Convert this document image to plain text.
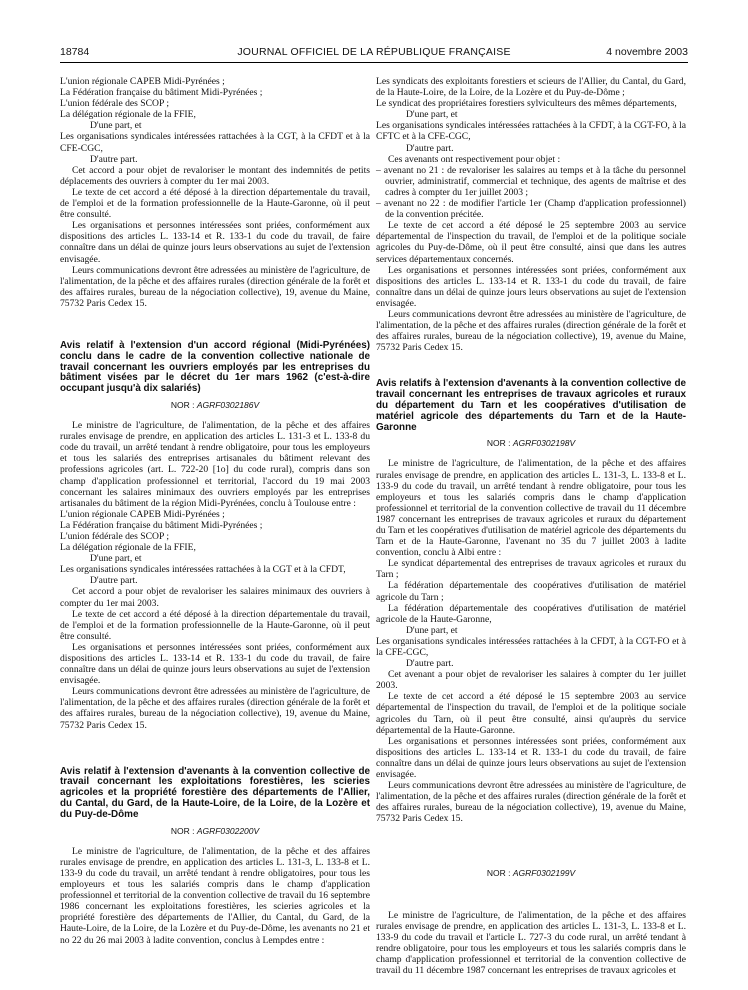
18784	JOURNAL OFFICIEL DE LA RÉPUBLIQUE FRANÇAISE	4 novembre 2003

L'union régionale CAPEB Midi-Pyrénées ;

La Fédération française du bâtiment Midi-Pyrénées ;

L'union fédérale des SCOP ;

La délégation régionale de la FFIE,

D'une part, et

Les organisations syndicales intéressées rattachées à la CGT, à la CFDT et à la CFE-CGC,

D'autre part.

Cet accord a pour objet de revaloriser le montant des indemnités de petits déplacements des ouvriers à compter du 1er mai 2003.

Le texte de cet accord a été déposé à la direction départementale du travail, de l'emploi et de la formation professionnelle de la Haute-Garonne, où il peut être consulté.

Les organisations et personnes intéressées sont priées, conformément aux dispositions des articles L. 133-14 et R. 133-1 du code du travail, de faire connaître dans un délai de quinze jours leurs observations au sujet de l'extension envisagée.

Leurs communications devront être adressées au ministère de l'agriculture, de l'alimentation, de la pêche et des affaires rurales (direction générale de la forêt et des affaires rurales, bureau de la négociation collective), 19, avenue du Maine, 75732 Paris Cedex 15.

Avis relatif à l'extension d'un accord régional (Midi-Pyrénées) conclu dans le cadre de la convention collective nationale de travail concernant les ouvriers employés par les entreprises du bâtiment visées par le décret du 1er mars 1962 (c'est-à-dire occupant jusqu'à dix salariés)
NOR : AGRF0302186V

Le ministre de l'agriculture, de l'alimentation, de la pêche et des affaires rurales envisage de prendre, en application des articles L. 131-3 et L. 133-8 du code du travail, un arrêté tendant à rendre obligatoire, pour tous les employeurs et tous les salariés des entreprises artisanales du bâtiment relevant des professions agricoles (art. L. 722-20 [1o] du code rural), compris dans son champ d'application professionnel et territorial, l'accord du 19 mai 2003 concernant les salaires minimaux des ouvriers employés par les entreprises artisanales du bâtiment de la région Midi-Pyrénées, conclu à Toulouse entre :

L'union régionale CAPEB Midi-Pyrénées ;

La Fédération française du bâtiment Midi-Pyrénées ;

L'union fédérale des SCOP ;

La délégation régionale de la FFIE,

D'une part, et

Les organisations syndicales intéressées rattachées à la CGT et à la CFDT,

D'autre part.

Cet accord a pour objet de revaloriser les salaires minimaux des ouvriers à compter du 1er mai 2003.

Le texte de cet accord a été déposé à la direction départementale du travail, de l'emploi et de la formation professionnelle de la Haute-Garonne, où il peut être consulté.

Les organisations et personnes intéressées sont priées, conformément aux dispositions des articles L. 133-14 et R. 133-1 du code du travail, de faire connaître dans un délai de quinze jours leurs observations au sujet de l'extension envisagée.

Leurs communications devront être adressées au ministère de l'agriculture, de l'alimentation, de la pêche et des affaires rurales (direction générale de la forêt et des affaires rurales, bureau de la négociation collective), 19, avenue du Maine, 75732 Paris Cedex 15.

Avis relatif à l'extension d'avenants à la convention collective de travail concernant les exploitations forestières, les scieries agricoles et la propriété forestière des départements de l'Allier, du Cantal, du Gard, de la Haute-Loire, de la Loire, de la Lozère et du Puy-de-Dôme
NOR : AGRF0302200V

Le ministre de l'agriculture, de l'alimentation, de la pêche et des affaires rurales envisage de prendre, en application des articles L. 131-3, L. 133-8 et L. 133-9 du code du travail, un arrêté tendant à rendre obligatoires, pour tous les employeurs et tous les salariés compris dans le champ d'application professionnel et territorial de la convention collective de travail du 16 septembre 1986 concernant les exploitations forestières, les scieries agricoles et la propriété forestière des départements de l'Allier, du Cantal, du Gard, de la Haute-Loire, de la Loire, de la Lozère et du Puy-de-Dôme, les avenants no 21 et no 22 du 26 mai 2003 à ladite convention, conclus à Lempdes entre :

Les syndicats des exploitants forestiers et scieurs de l'Allier, du Cantal, du Gard, de la Haute-Loire, de la Loire, de la Lozère et du Puy-de-Dôme ;

Le syndicat des propriétaires forestiers sylviculteurs des mêmes départements,

D'une part, et

Les organisations syndicales intéressées rattachées à la CFDT, à la CGT-FO, à la CFTC et à la CFE-CGC,

D'autre part.

Ces avenants ont respectivement pour objet :

– avenant no 21 : de revaloriser les salaires au temps et à la tâche du personnel ouvrier, administratif, commercial et technique, des agents de maîtrise et des cadres à compter du 1er juillet 2003 ;

– avenant no 22 : de modifier l'article 1er (Champ d'application professionnel) de la convention précitée.

Le texte de cet accord a été déposé le 25 septembre 2003 au service départemental de l'inspection du travail, de l'emploi et de la politique sociale agricoles du Puy-de-Dôme, où il peut être consulté, ainsi que dans les autres services départementaux concernés.

Les organisations et personnes intéressées sont priées, conformément aux dispositions des articles L. 133-14 et R. 133-1 du code du travail, de faire connaître dans un délai de quinze jours leurs observations au sujet de l'extension envisagée.

Leurs communications devront être adressées au ministère de l'agriculture, de l'alimentation, de la pêche et des affaires rurales (direction générale de la forêt et des affaires rurales, bureau de la négociation collective), 19, avenue du Maine, 75732 Paris Cedex 15.

Avis relatifs à l'extension d'avenants à la convention collective de travail concernant les entreprises de travaux agricoles et ruraux du département du Tarn et les coopératives d'utilisation de matériel agricole des départements du Tarn et de la Haute-Garonne
NOR : AGRF0302198V

Le ministre de l'agriculture, de l'alimentation, de la pêche et des affaires rurales envisage de prendre, en application des articles L. 131-3, L. 133-8 et L. 133-9 du code du travail, un arrêté tendant à rendre obligatoire, pour tous les employeurs et tous les salariés compris dans le champ d'application professionnel et territorial de la convention collective de travail du 11 décembre 1987 concernant les entreprises de travaux agricoles et ruraux du département du Tarn et les coopératives d'utilisation de matériel agricole des départements du Tarn et de la Haute-Garonne, l'avenant no 35 du 7 juillet 2003 à ladite convention, conclu à Albi entre :

Le syndicat départemental des entreprises de travaux agricoles et ruraux du Tarn ;

La fédération départementale des coopératives d'utilisation de matériel agricole du Tarn ;

La fédération départementale des coopératives d'utilisation de matériel agricole de la Haute-Garonne,

D'une part, et

Les organisations syndicales intéressées rattachées à la CFDT, à la CGT-FO et à la CFE-CGC,

D'autre part.

Cet avenant a pour objet de revaloriser les salaires à compter du 1er juillet 2003.

Le texte de cet accord a été déposé le 15 septembre 2003 au service départemental de l'inspection du travail, de l'emploi et de la politique sociale agricoles du Tarn, où il peut être consulté, ainsi qu'auprès du service départemental de la Haute-Garonne.

Les organisations et personnes intéressées sont priées, conformément aux dispositions des articles L. 133-14 et R. 133-1 du code du travail, de faire connaître dans un délai de quinze jours leurs observations au sujet de l'extension envisagée.

Leurs communications devront être adressées au ministère de l'agriculture, de l'alimentation, de la pêche et des affaires rurales (direction générale de la forêt et des affaires rurales, bureau de la négociation collective), 19, avenue du Maine, 75732 Paris Cedex 15.

NOR : AGRF0302199V

Le ministre de l'agriculture, de l'alimentation, de la pêche et des affaires rurales envisage de prendre, en application des articles L. 131-3, L. 133-8 et L. 133-9 du code du travail et l'article L. 727-3 du code rural, un arrêté tendant à rendre obligatoire, pour tous les employeurs et tous les salariés compris dans le champ d'application professionnel et territorial de la convention collective de travail du 11 décembre 1987 concernant les entreprises de travaux agricoles et
